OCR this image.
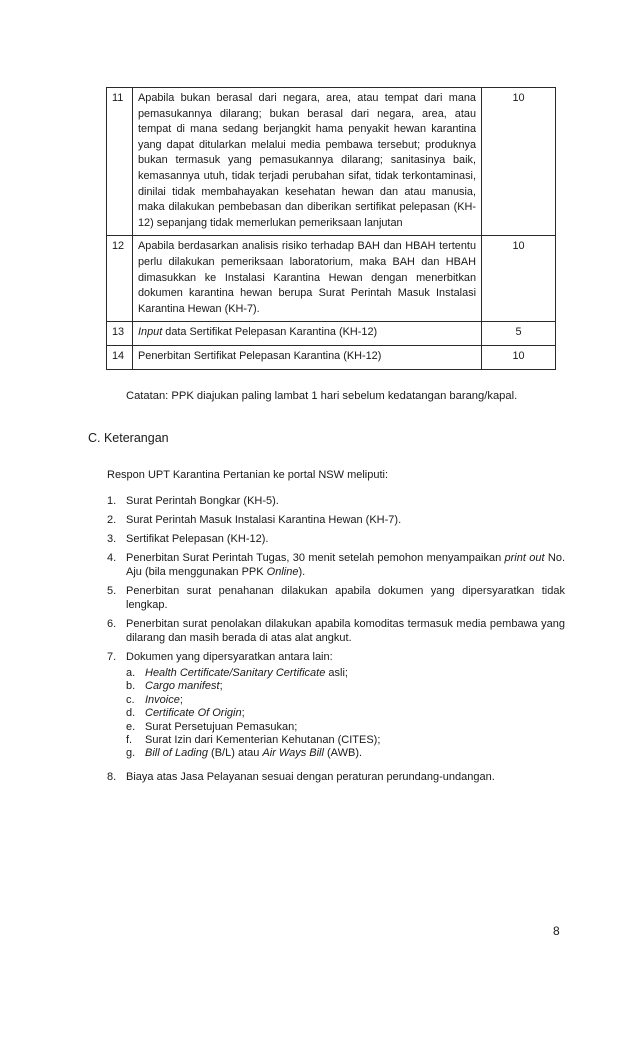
11	Apabila bukan berasal dari negara, area, atau tempat dari mana pemasukannya dilarang; bukan berasal dari negara, area, atau tempat di mana sedang berjangkit hama penyakit hewan karantina yang dapat ditularkan melalui media pembawa tersebut; produknya bukan termasuk yang pemasukannya dilarang; sanitasinya baik, kemasannya utuh, tidak terjadi perubahan sifat, tidak terkontaminasi, dinilai tidak membahayakan kesehatan hewan dan atau manusia, maka dilakukan pembebasan dan diberikan sertifikat pelepasan (KH-12) sepanjang tidak memerlukan pemeriksaan lanjutan	10
12	Apabila berdasarkan analisis risiko terhadap BAH dan HBAH tertentu perlu dilakukan pemeriksaan laboratorium, maka BAH dan HBAH dimasukkan ke Instalasi Karantina Hewan dengan menerbitkan dokumen karantina hewan berupa Surat Perintah Masuk Instalasi Karantina Hewan (KH-7).	10
13	Input data Sertifikat Pelepasan Karantina (KH-12)	5
14	Penerbitan Sertifikat Pelepasan Karantina (KH-12)	10
Catatan: PPK diajukan paling lambat 1 hari sebelum kedatangan barang/kapal.
C. Keterangan
Respon UPT Karantina Pertanian ke portal NSW meliputi:
1. Surat Perintah Bongkar (KH-5).
2. Surat Perintah Masuk Instalasi Karantina Hewan (KH-7).
3. Sertifikat Pelepasan (KH-12).
4. Penerbitan Surat Perintah Tugas, 30 menit setelah pemohon menyampaikan print out No. Aju (bila menggunakan PPK Online).
5. Penerbitan surat penahanan dilakukan apabila dokumen yang dipersyaratkan tidak lengkap.
6. Penerbitan surat penolakan dilakukan apabila komoditas termasuk media pembawa yang dilarang dan masih berada di atas alat angkut.
7. Dokumen yang dipersyaratkan antara lain:
a. Health Certificate/Sanitary Certificate asli;
b. Cargo manifest;
c. Invoice;
d. Certificate Of Origin;
e. Surat Persetujuan Pemasukan;
f.	Surat Izin dari Kementerian Kehutanan (CITES);
g. Bill of Lading (B/L) atau Air Ways Bill (AWB).
8. Biaya atas Jasa Pelayanan sesuai dengan peraturan perundang-undangan.
8
